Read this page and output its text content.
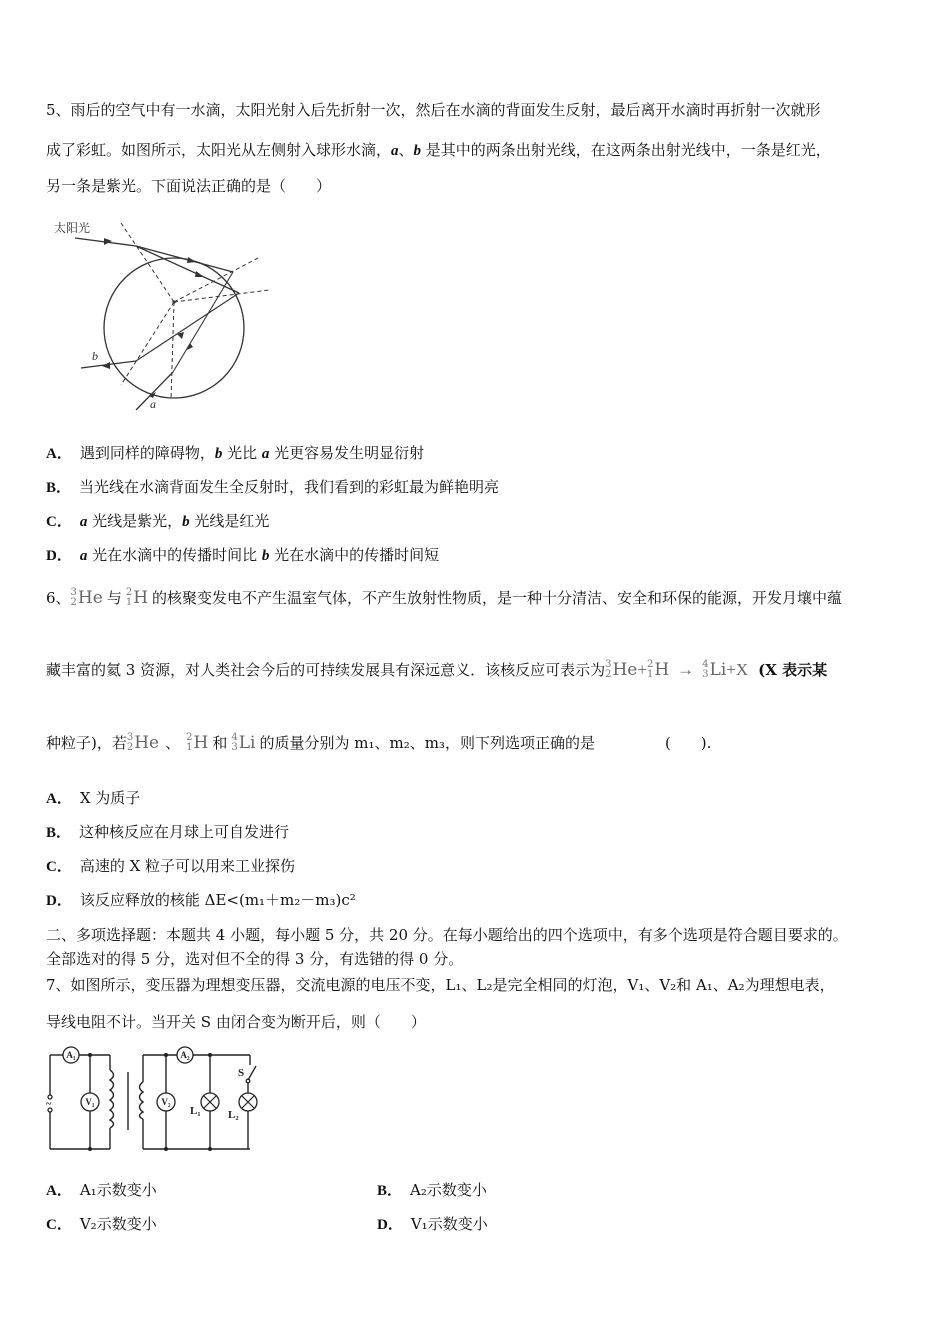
5、雨后的空气中有一水滴，太阳光射入后先折射一次，然后在水滴的背面发生反射，最后离开水滴时再折射一次就形
成了彩虹。如图所示，太阳光从左侧射入球形水滴，a、b 是其中的两条出射光线，在这两条出射光线中，一条是红光，
另一条是紫光。下面说法正确的是（　　）
太阳光
b
a
A． 遇到同样的障碍物，b 光比 a 光更容易发生明显衍射
B． 当光线在水滴背面发生全反射时，我们看到的彩虹最为鲜艳明亮
C． a 光线是紫光，b 光线是红光
D． a 光在水滴中的传播时间比 b 光在水滴中的传播时间短
6、 3
2 He 与 2
1 H 的核聚变发电不产生温室气体，不产生放射性物质，是一种十分清洁、安全和环保的能源，开发月壤中蕴
藏丰富的氦 3 资源，对人类社会今后的可持续发展具有深远意义．该核反应可表示为 3
2 He + 2
1 H → 4
3 Li +X (X 表示某
种粒子)，若 3
2 He 、 2
1 H 和 4
3 Li 的质量分别为 m₁、m₂、m₃，则下列选项正确的是	(　　).
A． X 为质子
B． 这种核反应在月球上可自发进行
C． 高速的 X 粒子可以用来工业探伤
D． 该反应释放的核能 ΔE<(m₁＋m₂－m₃)c²
二、多项选择题：本题共 4 小题，每小题 5 分，共 20 分。在每小题给出的四个选项中，有多个选项是符合题目要求的。
全部选对的得 5 分，选对但不全的得 3 分，有选错的得 0 分。
7、如图所示，变压器为理想变压器，交流电源的电压不变，L₁、L₂是完全相同的灯泡，V₁、V₂和 A₁、A₂为理想电表，
导线电阻不计。当开关 S 由闭合变为断开后，则（　　）
A₁
V₁	V₂
A₂
L₁ L₂
S
~
A． A₁示数变小	B． A₂示数变小
C． V₂示数变小	D． V₁示数变小
